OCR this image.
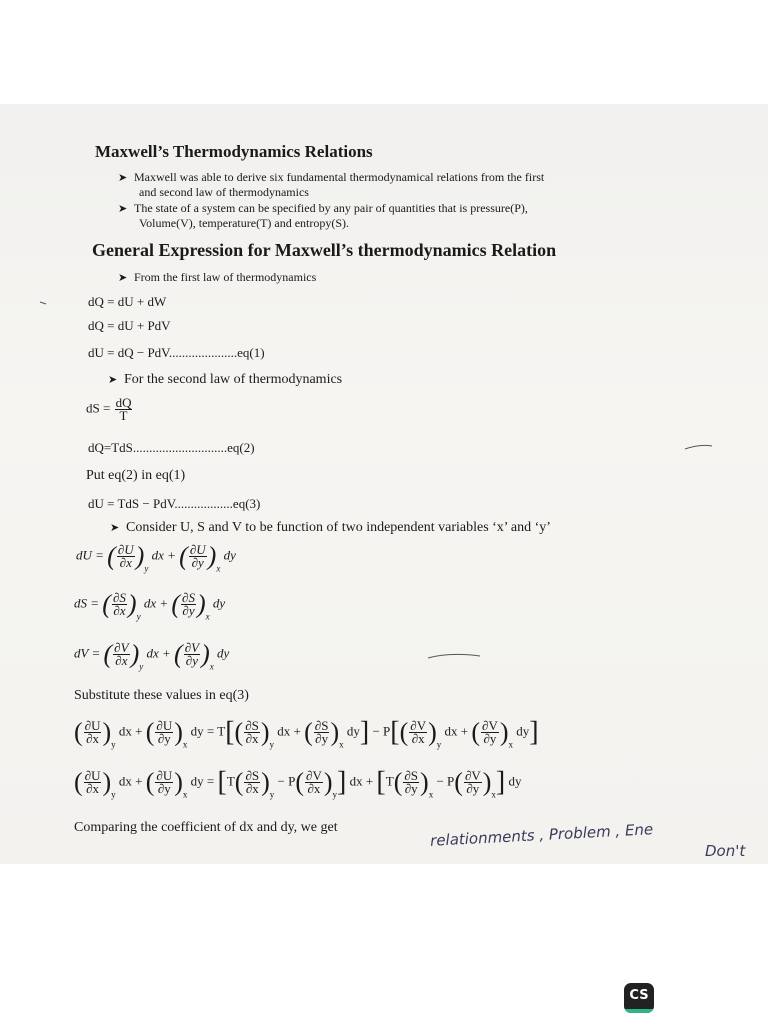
Maxwell’s Thermodynamics Relations
➤ Maxwell was able to derive six fundamental thermodynamical relations from the first
and second law of thermodynamics
➤ The state of a system can be specified by any pair of quantities that is pressure(P),
Volume(V), temperature(T) and entropy(S).
General Expression for Maxwell’s thermodynamics Relation
➤ From the first law of thermodynamics
dQ = dU + dW
dQ = dU + PdV
dU = dQ − PdV.....................eq(1)
➤ For the second law of thermodynamics
dS = $\frac{dQ}{T}$
dQ=TdS.............................eq(2)
Put eq(2) in eq(1)
dU = TdS − PdV..................eq(3)
➤ Consider U, S and V to be function of two independent variables ‘x’ and ‘y’
dU = ( $\frac{\partial U}{\partial x} )_y$ dx + ( $\frac{\partial U}{\partial y} )_x$ dy
dS = ( $\frac{\partial S}{\partial x} )_y$ dx + ( $\frac{\partial S}{\partial y} )_x$ dy
dV = ( $\frac{\partial V}{\partial x} )_y$ dx + ( $\frac{\partial V}{\partial y} )_x$ dy
Substitute these values in eq(3)
( $\frac{\partial U}{\partial x} )_y$ dx + ( $\frac{\partial U}{\partial y} )_x$ dy = $T[( \frac{\partial S}{\partial x} )_y$ dx + ( $\frac{\partial S}{\partial y} )_x$ $dy] - P[( \frac{\partial V}{\partial x} )_y$ dx + ( $\frac{\partial V}{\partial y} )_x$ dy]
( $\frac{\partial U}{\partial x} )_y$ dx + ( $\frac{\partial U}{\partial y} )_x$ dy = $[T( \frac{\partial S}{\partial x} )_y - P( \frac{\partial V}{\partial x} )_y]$ dx + $[T( \frac{\partial S}{\partial y} )_x - P( \frac{\partial V}{\partial y} )_x]$ dy
Comparing the coefficient of dx and dy, we get	relationments , Problem , Ene
Don't
CS
